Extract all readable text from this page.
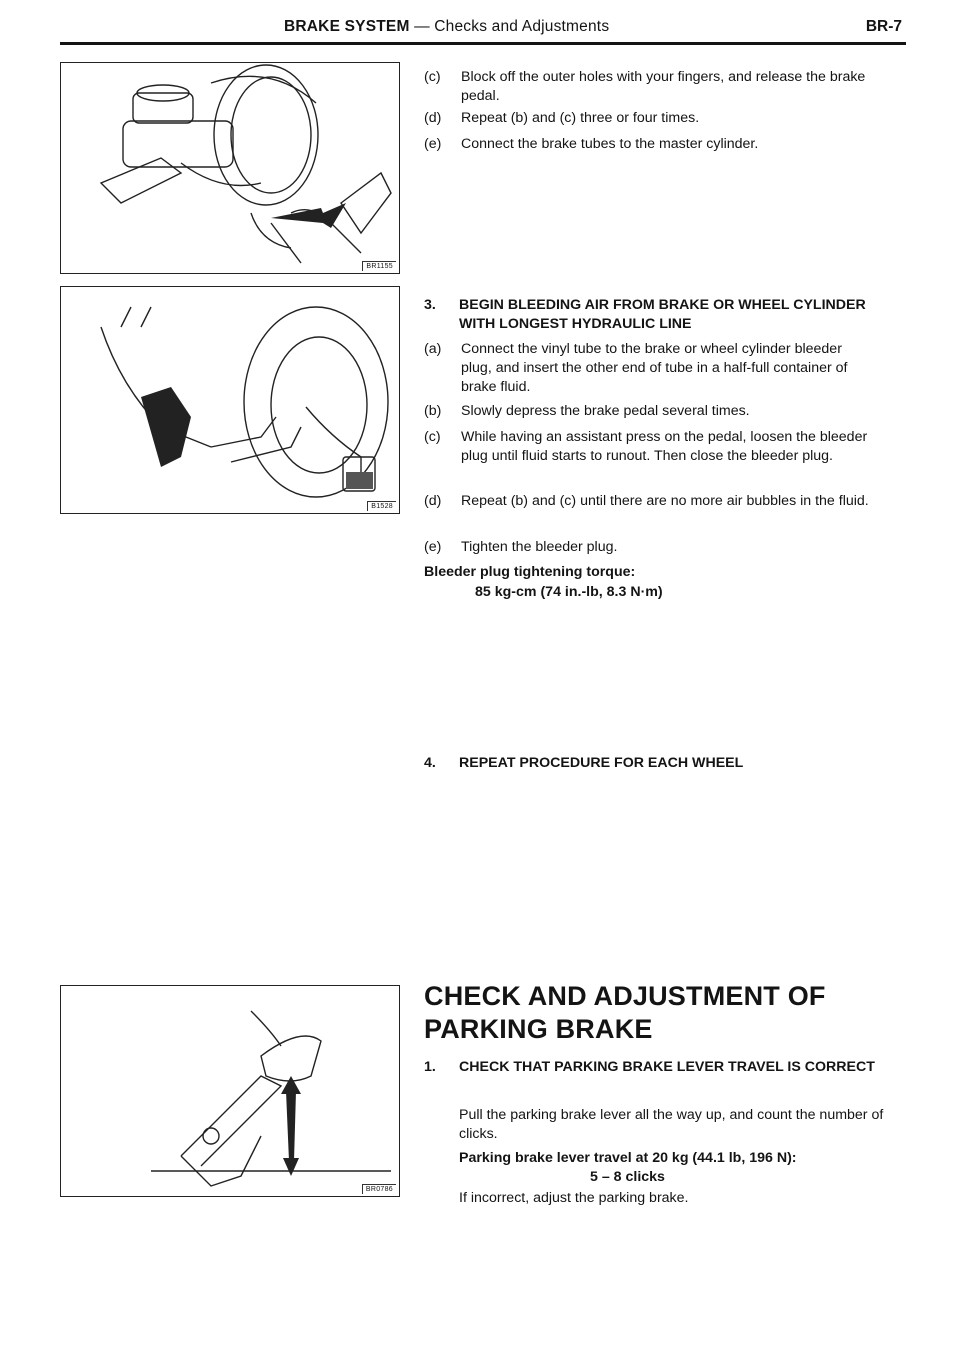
BRAKE SYSTEM — Checks and Adjustments	BR-7
BR1155
B1528
BR0786
(c)	Block off the outer holes with your fingers, and release the brake pedal.
(d)	Repeat (b) and (c) three or four times.
(e)	Connect the brake tubes to the master cylinder.
3. BEGIN BLEEDING AIR FROM BRAKE OR WHEEL CYLINDER WITH LONGEST HYDRAULIC LINE
(a)	Connect the vinyl tube to the brake or wheel cylinder bleeder plug, and insert the other end of tube in a half-full container of brake fluid.
(b)	Slowly depress the brake pedal several times.
(c)	While having an assistant press on the pedal, loosen the bleeder plug until fluid starts to runout. Then close the bleeder plug.
(d)	Repeat (b) and (c) until there are no more air bubbles in the fluid.
(e)	Tighten the bleeder plug.
Bleeder plug tightening torque:
85 kg-cm (74 in.-lb, 8.3 N·m)
4. REPEAT PROCEDURE FOR EACH WHEEL
CHECK AND ADJUSTMENT OF
PARKING BRAKE
1. CHECK THAT PARKING BRAKE LEVER TRAVEL IS CORRECT
Pull the parking brake lever all the way up, and count the number of clicks.
Parking brake lever travel at 20 kg (44.1 lb, 196 N):
5 – 8 clicks
If incorrect, adjust the parking brake.
